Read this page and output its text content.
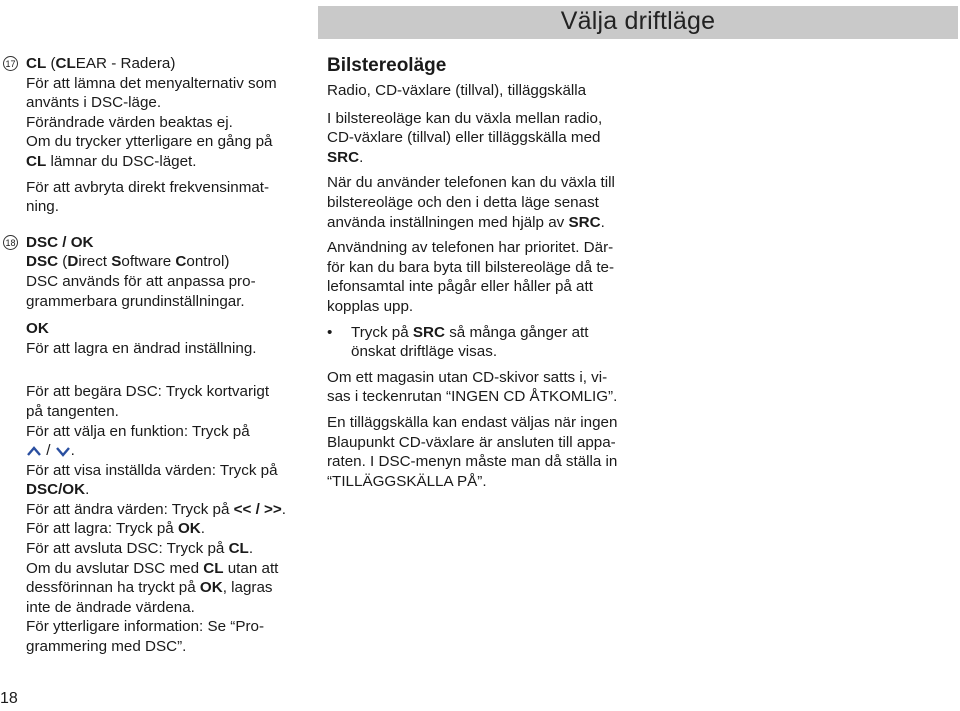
Välja driftläge
17 CL (CLEAR - Radera)

För att lämna det menyalternativ som

använts i DSC-läge.

Förändrade värden beaktas ej.

Om du trycker ytterligare en gång på

CL lämnar du DSC-läget.

För att avbryta direkt frekvensinmat-

ning.

18 DSC / OK

DSC (Direct Software Control)

DSC används för att anpassa pro-

grammerbara grundinställningar.

OK

För att lagra en ändrad inställning.

För att begära DSC: Tryck kortvarigt

på tangenten.

För att välja en funktion: Tryck på

/ .

För att visa inställda värden: Tryck på

DSC/OK.

För att ändra värden: Tryck på << / >>.

För att lagra: Tryck på OK.

För att avsluta DSC: Tryck på CL.

Om du avslutar DSC med CL utan att

dessförinnan ha tryckt på OK, lagras

inte de ändrade värdena.

För ytterligare information: Se “Pro-

grammering med DSC”.

Bilstereoläge

Radio, CD-växlare (tillval), tilläggskälla

I bilstereoläge kan du växla mellan radio,

CD-växlare (tillval) eller tilläggskälla med

SRC.

När du använder telefonen kan du växla till

bilstereoläge och den i detta läge senast

använda inställningen med hjälp av SRC.

Användning av telefonen har prioritet. Där-

för kan du bara byta till bilstereoläge då te-

lefonsamtal inte pågår eller håller på att

kopplas upp.

• Tryck på SRC så många gånger att

önskat driftläge visas.

Om ett magasin utan CD-skivor satts i, vi-

sas i teckenrutan “INGEN CD ÅTKOMLIG”.

En tilläggskälla kan endast väljas när ingen

Blaupunkt CD-växlare är ansluten till appa-

raten. I DSC-menyn måste man då ställa in

“TILLÄGGSKÄLLA PÅ”.

18
